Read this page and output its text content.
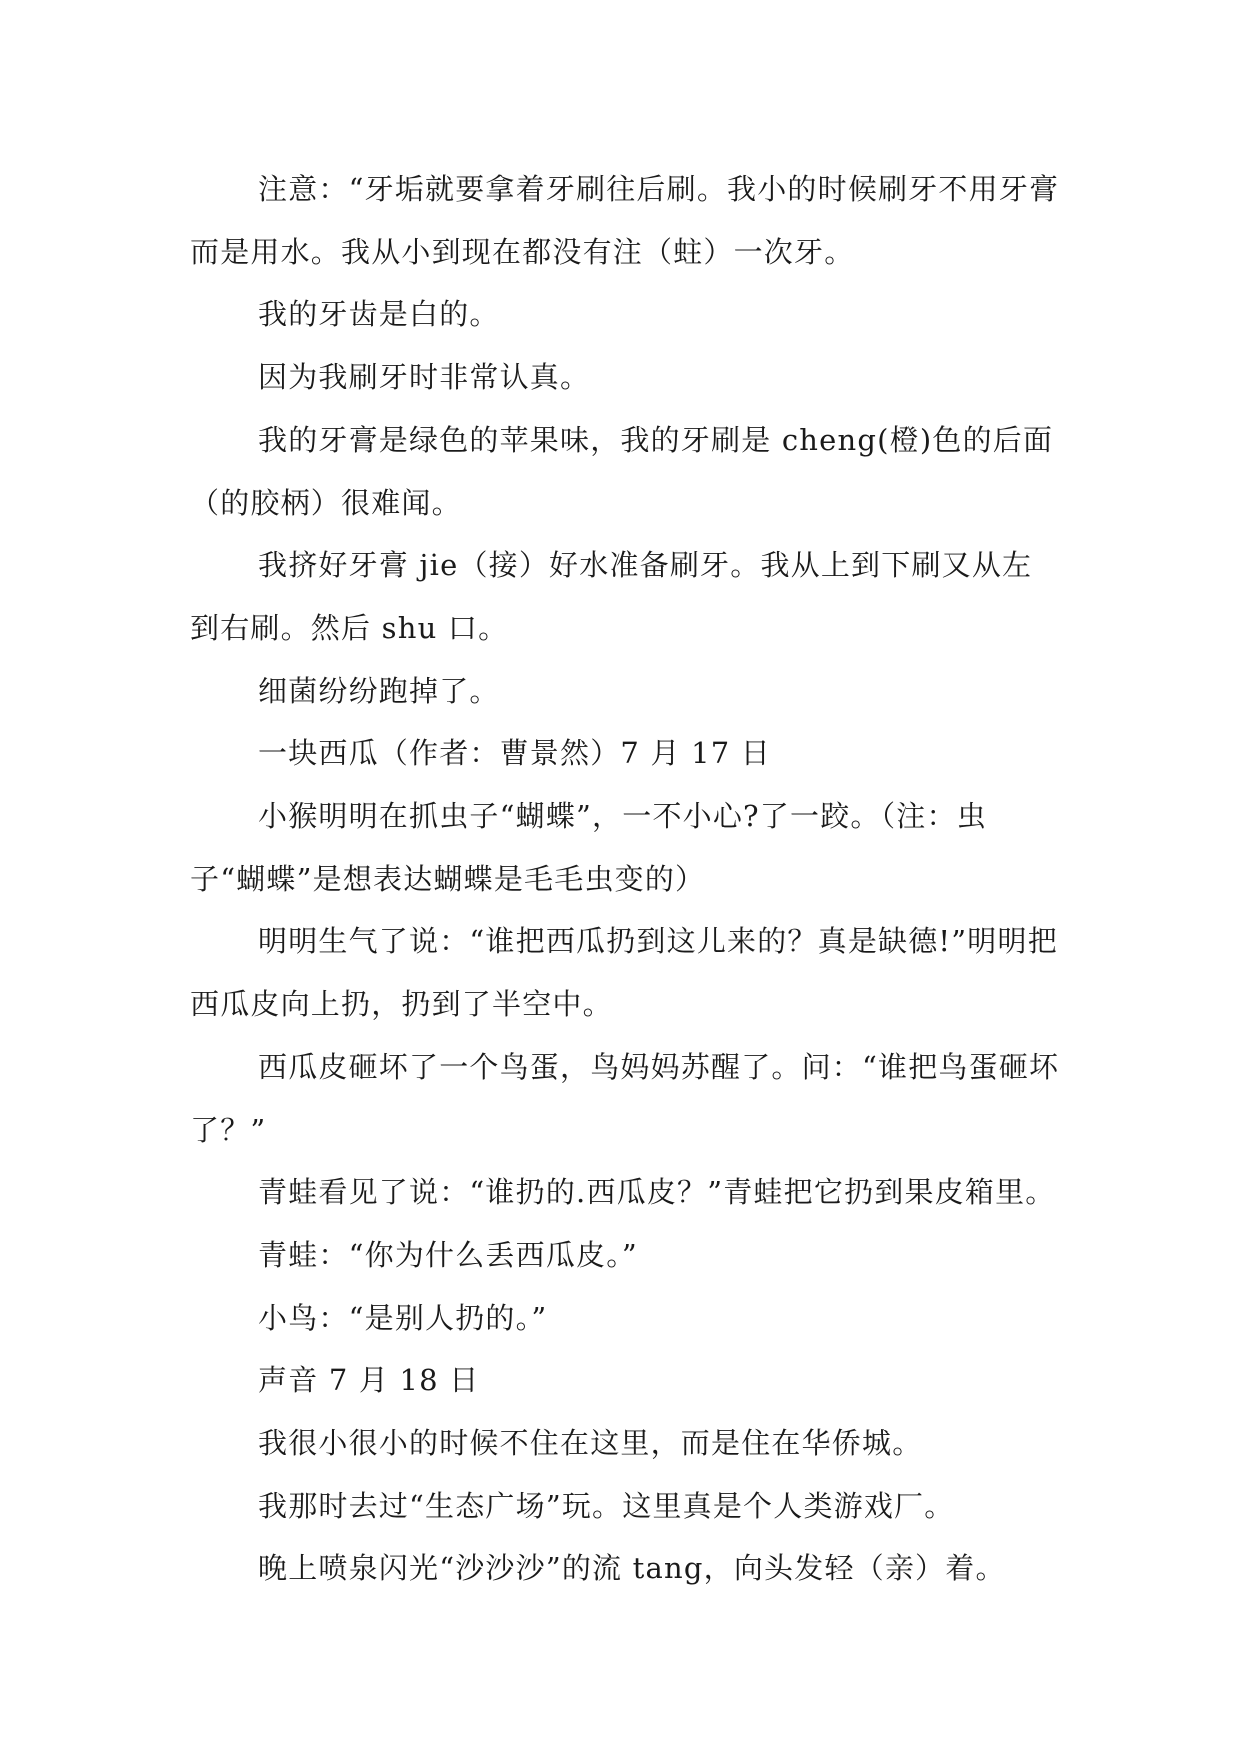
注意：“牙垢就要拿着牙刷往后刷。我小的时候刷牙不用牙膏而是用水。我从小到现在都没有注（蛀）一次牙。

我的牙齿是白的。

因为我刷牙时非常认真。

我的牙膏是绿色的苹果味，我的牙刷是 cheng(橙)色的后面（的胶柄）很难闻。

我挤好牙膏 jie（接）好水准备刷牙。我从上到下刷又从左到右刷。然后 shu 口。

细菌纷纷跑掉了。

一块西瓜（作者：曹景然）7 月 17 日

小猴明明在抓虫子“蝴蝶”，一不小心?了一跤。（注：虫子“蝴蝶”是想表达蝴蝶是毛毛虫变的）

明明生气了说：“谁把西瓜扔到这儿来的？真是缺德!”明明把西瓜皮向上扔，扔到了半空中。

西瓜皮砸坏了一个鸟蛋，鸟妈妈苏醒了。问：“谁把鸟蛋砸坏了？”

青蛙看见了说：“谁扔的.西瓜皮？”青蛙把它扔到果皮箱里。

青蛙：“你为什么丢西瓜皮。”

小鸟：“是别人扔的。”

声音 7 月 18 日

我很小很小的时候不住在这里，而是住在华侨城。

我那时去过“生态广场”玩。这里真是个人类游戏厂。

晚上喷泉闪光“沙沙沙”的流 tang，向头发轻（亲）着。
